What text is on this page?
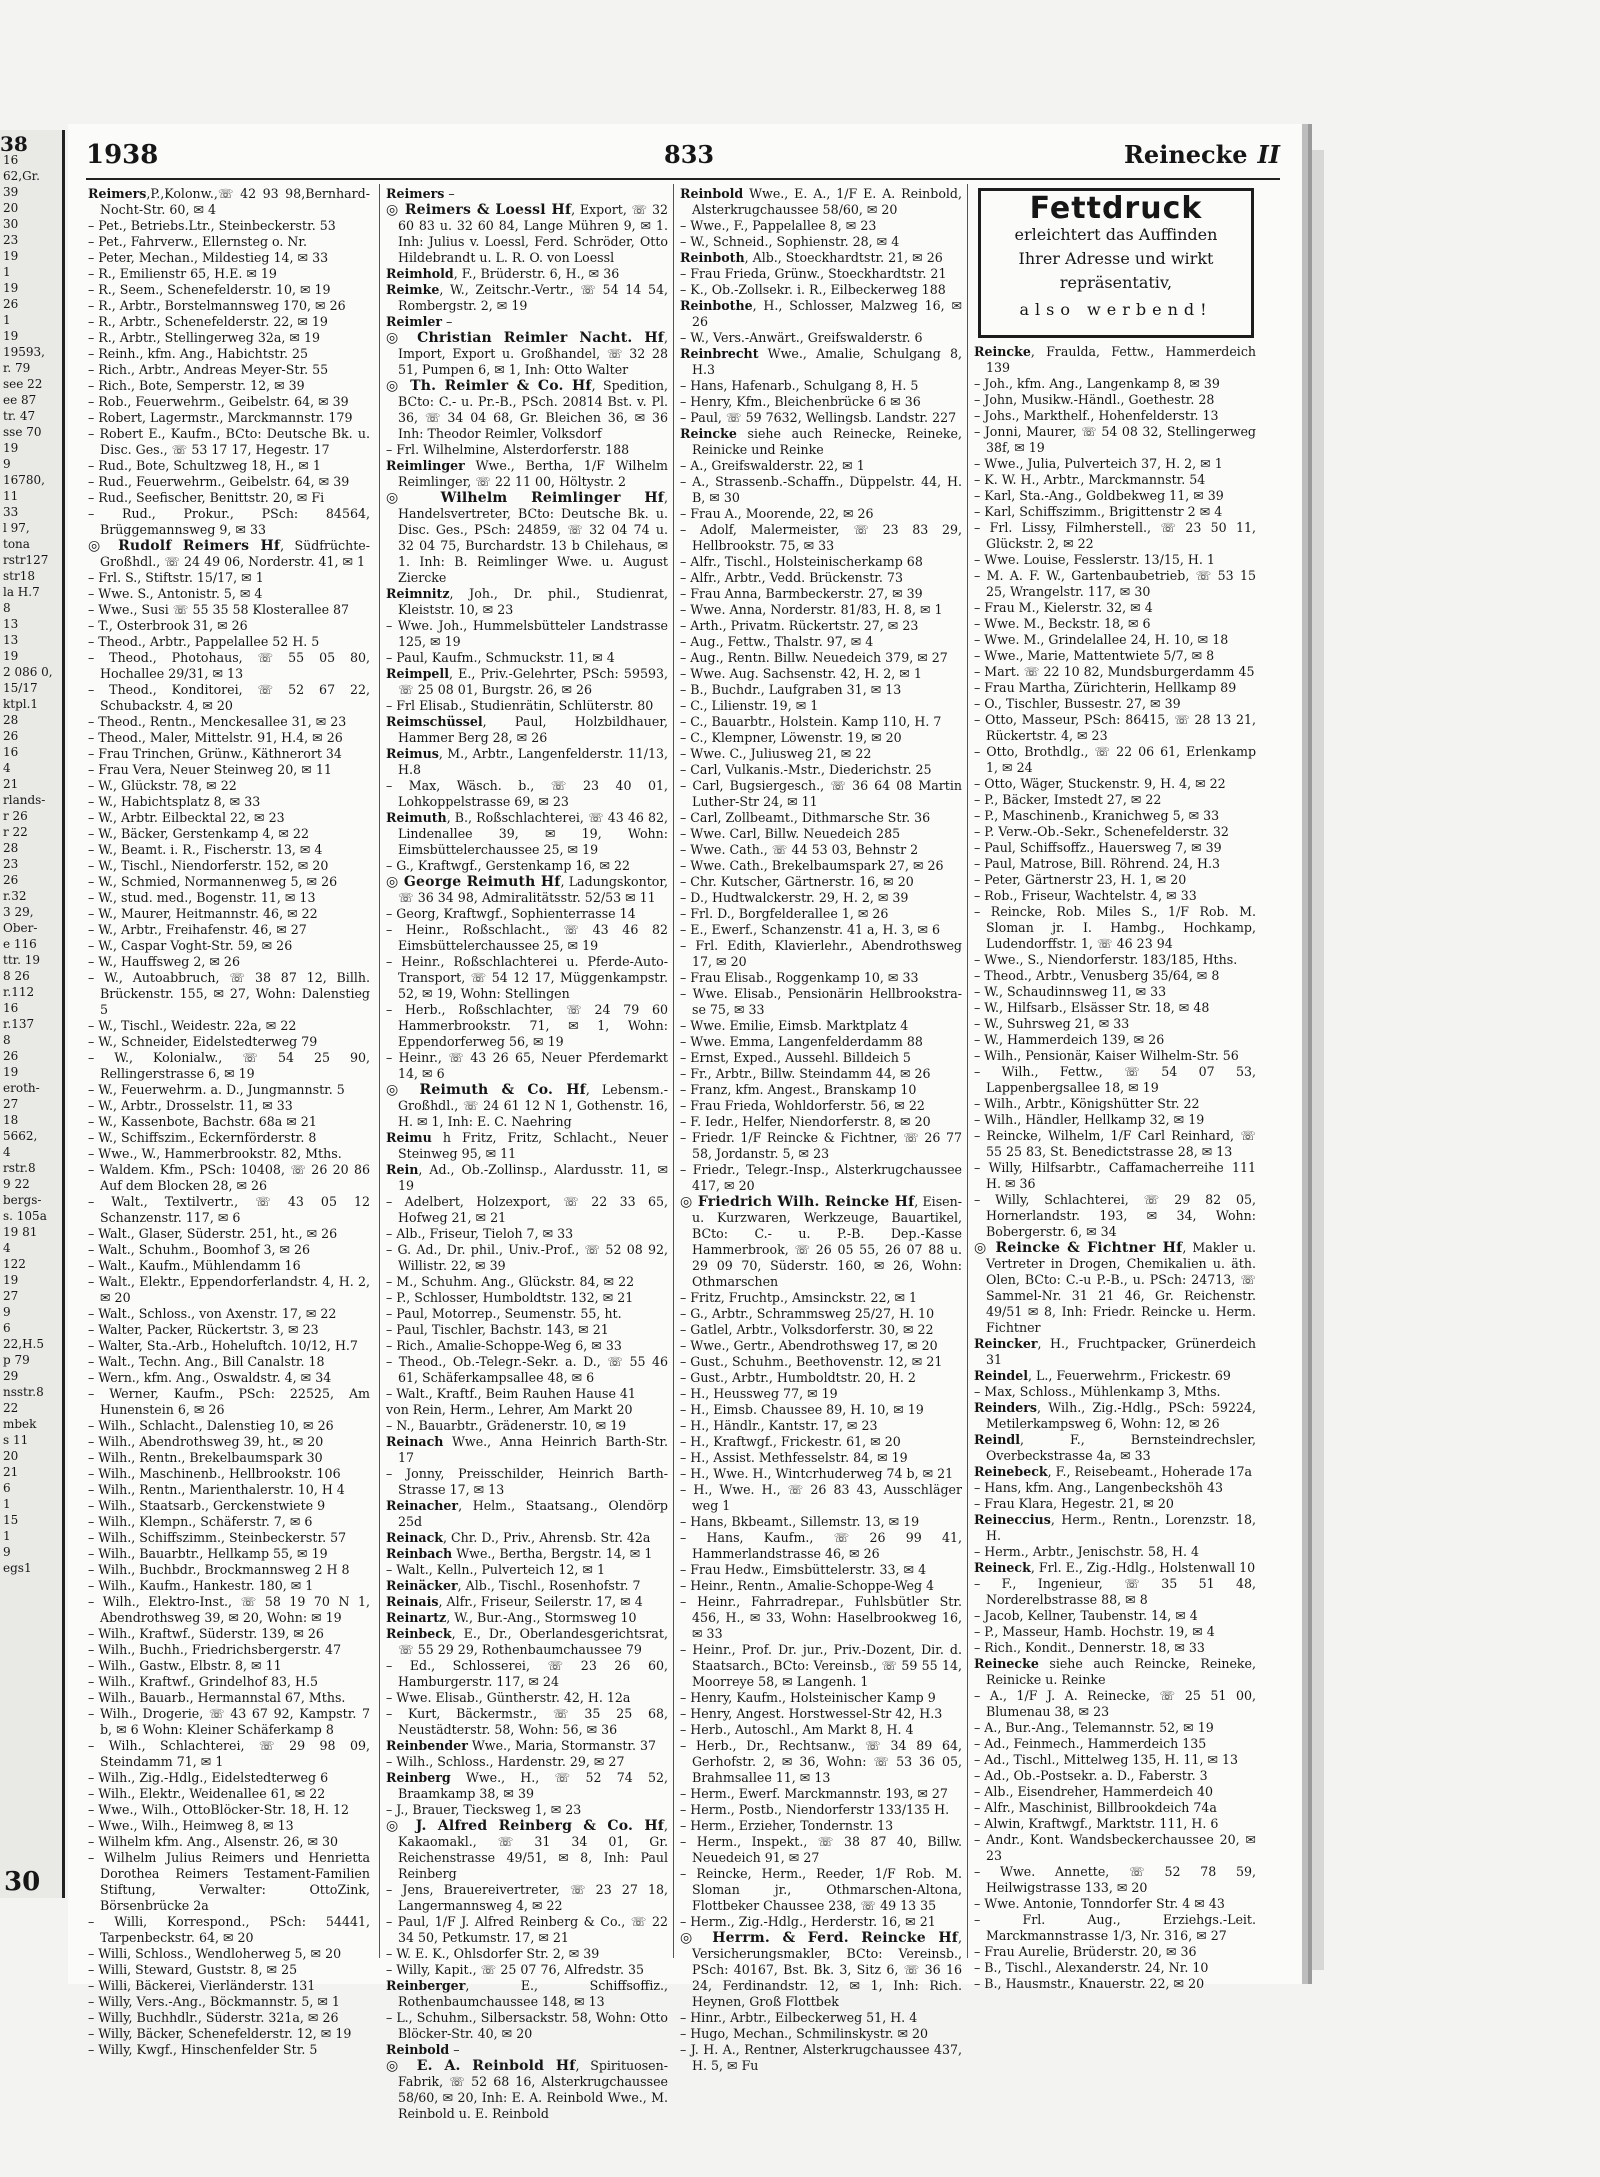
38
16
62,Gr.
39
20
30
23
19
1
19
26
1
19
19593,
r. 79
see 22
ee 87
tr. 47
sse 70
19
9
16780,
11
33
l 97,
tona
rstr127
str18
la H.7
8
13
13
19
2 086 0,
15/17
ktpl.1
28
26
16
4
21
rlands-
r 26
r 22
28
23
26
r.32
3 29,
Ober-
e 116
ttr. 19
8 26
r.112
16
r.137
8
26
19
eroth-
27
18
5662,
4
rstr.8
9 22
bergs-
s. 105a
19 81
4
122
19
27
9
6
22,H.5
p 79
29
nsstr.8
22
mbek
s 11
20
21
6
1
15
1
9
egs1
30
1938	833	Reinecke II
Reimers,P.,Kolonw.,☏ 42 93 98,Bernhard-Nocht-Str. 60, ✉ 4
– Pet., Betriebs.Ltr., Steinbeckerstr. 53
– Pet., Fahrverw., Ellernsteg o. Nr.
– Peter, Mechan., Mildestieg 14, ✉ 33
– R., Emilienstr 65, H.E. ✉ 19
– R., Seem., Schenefelderstr. 10, ✉ 19
– R., Arbtr., Borstelmannsweg 170, ✉ 26
– R., Arbtr., Schenefelderstr. 22, ✉ 19
– R., Arbtr., Stellingerweg 32a, ✉ 19
– Reinh., kfm. Ang., Habichtstr. 25
– Rich., Arbtr., Andreas Meyer-Str. 55
– Rich., Bote, Semperstr. 12, ✉ 39
– Rob., Feuerwehrm., Geibelstr. 64, ✉ 39
– Robert, Lagermstr., Marckmannstr. 179
– Robert E., Kaufm., BCto: Deutsche Bk. u. Disc. Ges., ☏ 53 17 17, Hegestr. 17
– Rud., Bote, Schultzweg 18, H., ✉ 1
– Rud., Feuerwehrm., Geibelstr. 64, ✉ 39
– Rud., Seefischer, Benittstr. 20, ✉ Fi
– Rud., Prokur., PSch: 84564, Brüggemannsweg 9, ✉ 33
◎ Rudolf Reimers Hf, Südfrüchte-Großhdl., ☏ 24 49 06, Norderstr. 41, ✉ 1
– Frl. S., Stiftstr. 15/17, ✉ 1
– Wwe. S., Antonistr. 5, ✉ 4
– Wwe., Susi ☏ 55 35 58 Klosterallee 87
– T., Osterbrook 31, ✉ 26
– Theod., Arbtr., Pappelallee 52 H. 5
– Theod., Photohaus, ☏ 55 05 80, Hochallee 29/31, ✉ 13
– Theod., Konditorei, ☏ 52 67 22, Schubackstr. 4, ✉ 20
– Theod., Rentn., Menckesallee 31, ✉ 23
– Theod., Maler, Mittelstr. 91, H.4, ✉ 26
– Frau Trinchen, Grünw., Käthnerort 34
– Frau Vera, Neuer Steinweg 20, ✉ 11
– W., Glückstr. 78, ✉ 22
– W., Habichtsplatz 8, ✉ 33
– W., Arbtr. Eilbecktal 22, ✉ 23
– W., Bäcker, Gerstenkamp 4, ✉ 22
– W., Beamt. i. R., Fischerstr. 13, ✉ 4
– W., Tischl., Niendorferstr. 152, ✉ 20
– W., Schmied, Normannenweg 5, ✉ 26
– W., stud. med., Bogenstr. 11, ✉ 13
– W., Maurer, Heitmannstr. 46, ✉ 22
– W., Arbtr., Freihafenstr. 46, ✉ 27
– W., Caspar Voght-Str. 59, ✉ 26
– W., Hauffsweg 2, ✉ 26
– W., Autoabbruch, ☏ 38 87 12, Billh. Brückenstr. 155, ✉ 27, Wohn: Dalenstieg 5
– W., Tischl., Weidestr. 22a, ✉ 22
– W., Schneider, Eidelstedterweg 79
– W., Kolonialw., ☏ 54 25 90, Rellingerstrasse 6, ✉ 19
– W., Feuerwehrm. a. D., Jungmannstr. 5
– W., Arbtr., Drosselstr. 11, ✉ 33
– W., Kassenbote, Bachstr. 68a ✉ 21
– W., Schiffszim., Eckernförderstr. 8
– Wwe., W., Hammerbrookstr. 82, Mths.
– Waldem. Kfm., PSch: 10408, ☏ 26 20 86 Auf dem Blocken 28, ✉ 26
– Walt., Textilvertr., ☏ 43 05 12 Schanzenstr. 117, ✉ 6
– Walt., Glaser, Süderstr. 251, ht., ✉ 26
– Walt., Schuhm., Boomhof 3, ✉ 26
– Walt., Kaufm., Mühlendamm 16
– Walt., Elektr., Eppendorferlandstr. 4, H. 2, ✉ 20
– Walt., Schloss., von Axenstr. 17, ✉ 22
– Walter, Packer, Rückertstr. 3, ✉ 23
– Walter, Sta.-Arb., Hoheluftch. 10/12, H.7
– Walt., Techn. Ang., Bill Canalstr. 18
– Wern., kfm. Ang., Oswaldstr. 4, ✉ 34
– Werner, Kaufm., PSch: 22525, Am Hunenstein 6, ✉ 26
– Wilh., Schlacht., Dalenstieg 10, ✉ 26
– Wilh., Abendrothsweg 39, ht., ✉ 20
– Wilh., Rentn., Brekelbaumspark 30
– Wilh., Maschinenb., Hellbrookstr. 106
– Wilh., Rentn., Marienthalerstr. 10, H 4
– Wilh., Staatsarb., Gerckenstwiete 9
– Wilh., Klempn., Schäferstr. 7, ✉ 6
– Wilh., Schiffszimm., Steinbeckerstr. 57
– Wilh., Bauarbtr., Hellkamp 55, ✉ 19
– Wilh., Buchbdr., Brockmannsweg 2 H 8
– Wilh., Kaufm., Hankestr. 180, ✉ 1
– Wilh., Elektro-Inst., ☏ 58 19 70 N 1, Abendrothsweg 39, ✉ 20, Wohn: ✉ 19
– Wilh., Kraftwf., Süderstr. 139, ✉ 26
– Wilh., Buchh., Friedrichsbergerstr. 47
– Wilh., Gastw., Elbstr. 8, ✉ 11
– Wilh., Kraftwf., Grindelhof 83, H.5
– Wilh., Bauarb., Hermannstal 67, Mths.
– Wilh., Drogerie, ☏ 43 67 92, Kampstr. 7 b, ✉ 6 Wohn: Kleiner Schäferkamp 8
– Wilh., Schlachterei, ☏ 29 98 09, Steindamm 71, ✉ 1
– Wilh., Zig.-Hdlg., Eidelstedterweg 6
– Wilh., Elektr., Weidenallee 61, ✉ 22
– Wwe., Wilh., OttoBlöcker-Str. 18, H. 12
– Wwe., Wilh., Heimweg 8, ✉ 13
– Wilhelm kfm. Ang., Alsenstr. 26, ✉ 30
– Wilhelm Julius Reimers und Henrietta Dorothea Reimers Testament-Familien Stiftung, Verwalter: OttoZink, Börsenbrücke 2a
– Willi, Korrespond., PSch: 54441, Tarpenbeckstr. 64, ✉ 20
– Willi, Schloss., Wendloherweg 5, ✉ 20
– Willi, Steward, Guststr. 8, ✉ 25
– Willi, Bäckerei, Vierländerstr. 131
– Willy, Vers.-Ang., Böckmannstr. 5, ✉ 1
– Willy, Buchhdlr., Süderstr. 321a, ✉ 26
– Willy, Bäcker, Schenefelderstr. 12, ✉ 19
– Willy, Kwgf., Hinschenfelder Str. 5
Reimers –
◎ Reimers & Loessl Hf, Export, ☏ 32 60 83 u. 32 60 84, Lange Mühren 9, ✉ 1. Inh: Julius v. Loessl, Ferd. Schröder, Otto Hildebrandt u. L. R. O. von Loessl
Reimhold, F., Brüderstr. 6, H., ✉ 36
Reimke, W., Zeitschr.-Vertr., ☏ 54 14 54, Rombergstr. 2, ✉ 19
Reimler –
◎ Christian Reimler Nacht. Hf, Import, Export u. Großhandel, ☏ 32 28 51, Pumpen 6, ✉ 1, Inh: Otto Walter
◎ Th. Reimler & Co. Hf, Spedition, BCto: C.- u. Pr.-B., PSch. 20814 Bst. v. Pl. 36, ☏ 34 04 68, Gr. Bleichen 36, ✉ 36 Inh: Theodor Reimler, Volksdorf
– Frl. Wilhelmine, Alsterdorferstr. 188
Reimlinger Wwe., Bertha, 1/F Wilhelm Reimlinger, ☏ 22 11 00, Höltystr. 2
◎ Wilhelm Reimlinger Hf, Handelsvertreter, BCto: Deutsche Bk. u. Disc. Ges., PSch: 24859, ☏ 32 04 74 u. 32 04 75, Burchardstr. 13 b Chilehaus, ✉ 1. Inh: B. Reimlinger Wwe. u. August Ziercke
Reimnitz, Joh., Dr. phil., Studienrat, Kleiststr. 10, ✉ 23
– Wwe. Joh., Hummelsbütteler Landstrasse 125, ✉ 19
– Paul, Kaufm., Schmuckstr. 11, ✉ 4
Reimpell, E., Priv.-Gelehrter, PSch: 59593, ☏ 25 08 01, Burgstr. 26, ✉ 26
– Frl Elisab., Studienrätin, Schlüterstr. 80
Reimschüssel, Paul, Holzbildhauer, Hammer Berg 28, ✉ 26
Reimus, M., Arbtr., Langenfelderstr. 11/13, H.8
– Max, Wäsch. b., ☏ 23 40 01, Lohkoppelstrasse 69, ✉ 23
Reimuth, B., Roßschlachterei, ☏ 43 46 82, Lindenallee 39, ✉ 19, Wohn: Eimsbüttelerchaussee 25, ✉ 19
– G., Kraftwgf., Gerstenkamp 16, ✉ 22
◎ George Reimuth Hf, Ladungskontor, ☏ 36 34 98, Admiralitätsstr. 52/53 ✉ 11
– Georg, Kraftwgf., Sophienterrasse 14
– Heinr., Roßschlacht., ☏ 43 46 82 Eimsbüttelerchaussee 25, ✉ 19
– Heinr., Roßschlachterei u. Pferde-Auto-Transport, ☏ 54 12 17, Müggenkampstr. 52, ✉ 19, Wohn: Stellingen
– Herb., Roßschlachter, ☏ 24 79 60 Hammerbrookstr. 71, ✉ 1, Wohn: Eppendorferweg 56, ✉ 19
– Heinr., ☏ 43 26 65, Neuer Pferdemarkt 14, ✉ 6
◎ Reimuth & Co. Hf, Lebensm.-Großhdl., ☏ 24 61 12 N 1, Gothenstr. 16, H. ✉ 1, Inh: E. C. Naehring
Reimu h Fritz, Fritz, Schlacht., Neuer Steinweg 95, ✉ 11
Rein, Ad., Ob.-Zollinsp., Alardusstr. 11, ✉ 19
– Adelbert, Holzexport, ☏ 22 33 65, Hofweg 21, ✉ 21
– Alb., Friseur, Tieloh 7, ✉ 33
– G. Ad., Dr. phil., Univ.-Prof., ☏ 52 08 92, Willistr. 22, ✉ 39
– M., Schuhm. Ang., Glückstr. 84, ✉ 22
– P., Schlosser, Humboldtstr. 132, ✉ 21
– Paul, Motorrep., Seumenstr. 55, ht.
– Paul, Tischler, Bachstr. 143, ✉ 21
– Rich., Amalie-Schoppe-Weg 6, ✉ 33
– Theod., Ob.-Telegr.-Sekr. a. D., ☏ 55 46 61, Schäferkampsallee 48, ✉ 6
– Walt., Kraftf., Beim Rauhen Hause 41
von Rein, Herm., Lehrer, Am Markt 20
– N., Bauarbtr., Grädenerstr. 10, ✉ 19
Reinach Wwe., Anna Heinrich Barth-Str. 17
– Jonny, Preisschilder, Heinrich Barth-Strasse 17, ✉ 13
Reinacher, Helm., Staatsang., Olendörp 25d
Reinack, Chr. D., Priv., Ahrensb. Str. 42a
Reinbach Wwe., Bertha, Bergstr. 14, ✉ 1
– Walt., Kelln., Pulverteich 12, ✉ 1
Reinäcker, Alb., Tischl., Rosenhofstr. 7
Reinais, Alfr., Friseur, Seilerstr. 17, ✉ 4
Reinartz, W., Bur.-Ang., Stormsweg 10
Reinbeck, E., Dr., Oberlandesgerichtsrat, ☏ 55 29 29, Rothenbaumchaussee 79
– Ed., Schlosserei, ☏ 23 26 60, Hamburgerstr. 117, ✉ 24
– Wwe. Elisab., Güntherstr. 42, H. 12a
– Kurt, Bäckermstr., ☏ 35 25 68, Neustädterstr. 58, Wohn: 56, ✉ 36
Reinbender Wwe., Maria, Stormanstr. 37
– Wilh., Schloss., Hardenstr. 29, ✉ 27
Reinberg Wwe., H., ☏ 52 74 52, Braamkamp 38, ✉ 39
– J., Brauer, Tiecksweg 1, ✉ 23
◎ J. Alfred Reinberg & Co. Hf, Kakaomakl., ☏ 31 34 01, Gr. Reichenstrasse 49/51, ✉ 8, Inh: Paul Reinberg
– Jens, Brauereivertreter, ☏ 23 27 18, Langermannsweg 4, ✉ 22
– Paul, 1/F J. Alfred Reinberg & Co., ☏ 22 34 50, Petkumstr. 17, ✉ 21
– W. E. K., Ohlsdorfer Str. 2, ✉ 39
– Willy, Kapit., ☏ 25 07 76, Alfredstr. 35
Reinberger, E., Schiffsoffiz., Rothenbaumchaussee 148, ✉ 13
– L., Schuhm., Silbersackstr. 58, Wohn: Otto Blöcker-Str. 40, ✉ 20
Reinbold –
◎ E. A. Reinbold Hf, Spirituosen-Fabrik, ☏ 52 68 16, Alsterkrugchaussee 58/60, ✉ 20, Inh: E. A. Reinbold Wwe., M. Reinbold u. E. Reinbold
Reinbold Wwe., E. A., 1/F E. A. Reinbold, Alsterkrugchaussee 58/60, ✉ 20
– Wwe., F., Pappelallee 8, ✉ 23
– W., Schneid., Sophienstr. 28, ✉ 4
Reinboth, Alb., Stoeckhardtstr. 21, ✉ 26
– Frau Frieda, Grünw., Stoeckhardtstr. 21
– K., Ob.-Zollsekr. i. R., Eilbeckerweg 188
Reinbothe, H., Schlosser, Malzweg 16, ✉ 26
– W., Vers.-Anwärt., Greifswalderstr. 6
Reinbrecht Wwe., Amalie, Schulgang 8, H.3
– Hans, Hafenarb., Schulgang 8, H. 5
– Henry, Kfm., Bleichenbrücke 6 ✉ 36
– Paul, ☏ 59 7632, Wellingsb. Landstr. 227
Reincke siehe auch Reinecke, Reineke, Reinicke und Reinke
– A., Greifswalderstr. 22, ✉ 1
– A., Strassenb.-Schaffn., Düppelstr. 44, H. B, ✉ 30
– Frau A., Moorende, 22, ✉ 26
– Adolf, Malermeister, ☏ 23 83 29, Hellbrookstr. 75, ✉ 33
– Alfr., Tischl., Holsteinischerkamp 68
– Alfr., Arbtr., Vedd. Brückenstr. 73
– Frau Anna, Barmbeckerstr. 27, ✉ 39
– Wwe. Anna, Norderstr. 81/83, H. 8, ✉ 1
– Arth., Privatm. Rückertstr. 27, ✉ 23
– Aug., Fettw., Thalstr. 97, ✉ 4
– Aug., Rentn. Billw. Neuedeich 379, ✉ 27
– Wwe. Aug. Sachsenstr. 42, H. 2, ✉ 1
– B., Buchdr., Laufgraben 31, ✉ 13
– C., Lilienstr. 19, ✉ 1
– C., Bauarbtr., Holstein. Kamp 110, H. 7
– C., Klempner, Löwenstr. 19, ✉ 20
– Wwe. C., Juliusweg 21, ✉ 22
– Carl, Vulkanis.-Mstr., Diederichstr. 25
– Carl, Bugsiergesch., ☏ 36 64 08 Martin Luther-Str 24, ✉ 11
– Carl, Zollbeamt., Dithmarsche Str. 36
– Wwe. Carl, Billw. Neuedeich 285
– Wwe. Cath., ☏ 44 53 03, Behnstr 2
– Wwe. Cath., Brekelbaumspark 27, ✉ 26
– Chr. Kutscher, Gärtnerstr. 16, ✉ 20
– D., Hudtwalckerstr. 29, H. 2, ✉ 39
– Frl. D., Borgfelderallee 1, ✉ 26
– E., Ewerf., Schanzenstr. 41 a, H. 3, ✉ 6
– Frl. Edith, Klavierlehr., Abendrothsweg 17, ✉ 20
– Frau Elisab., Roggenkamp 10, ✉ 33
– Wwe. Elisab., Pensionärin Hellbrookstra-se 75, ✉ 33
– Wwe. Emilie, Eimsb. Marktplatz 4
– Wwe. Emma, Langenfelderdamm 88
– Ernst, Exped., Aussehl. Billdeich 5
– Fr., Arbtr., Billw. Steindamm 44, ✉ 26
– Franz, kfm. Angest., Branskamp 10
– Frau Frieda, Wohldorferstr. 56, ✉ 22
– F. Iedr., Helfer, Niendorferstr. 8, ✉ 20
– Friedr. 1/F Reincke & Fichtner, ☏ 26 77 58, Jordanstr. 5, ✉ 23
– Friedr., Telegr.-Insp., Alsterkrugchaussee 417, ✉ 20
◎ Friedrich Wilh. Reincke Hf, Eisen- u. Kurzwaren, Werkzeuge, Bauartikel, BCto: C.- u. P.-B. Dep.-Kasse Hammerbrook, ☏ 26 05 55, 26 07 88 u. 29 09 70, Süderstr. 160, ✉ 26, Wohn: Othmarschen
– Fritz, Fruchtp., Amsinckstr. 22, ✉ 1
– G., Arbtr., Schrammsweg 25/27, H. 10
– Gatlel, Arbtr., Volksdorferstr. 30, ✉ 22
– Wwe., Gertr., Abendrothsweg 17, ✉ 20
– Gust., Schuhm., Beethovenstr. 12, ✉ 21
– Gust., Arbtr., Humboldtstr. 20, H. 2
– H., Heussweg 77, ✉ 19
– H., Eimsb. Chaussee 89, H. 10, ✉ 19
– H., Händlr., Kantstr. 17, ✉ 23
– H., Kraftwgf., Frickestr. 61, ✉ 20
– H., Assist. Methfesselstr. 84, ✉ 19
– H., Wwe. H., Wintcrhuderweg 74 b, ✉ 21
– H., Wwe. H., ☏ 26 83 43, Ausschläger weg 1
– Hans, Bkbeamt., Sillemstr. 13, ✉ 19
– Hans, Kaufm., ☏ 26 99 41, Hammerlandstrasse 46, ✉ 26
– Frau Hedw., Eimsbüttelerstr. 33, ✉ 4
– Heinr., Rentn., Amalie-Schoppe-Weg 4
– Heinr., Fahrradrepar., Fuhlsbütler Str. 456, H., ✉ 33, Wohn: Haselbrookweg 16, ✉ 33
– Heinr., Prof. Dr. jur., Priv.-Dozent, Dir. d. Staatsarch., BCto: Vereinsb., ☏ 59 55 14, Moorreye 58, ✉ Langenh. 1
– Henry, Kaufm., Holsteinischer Kamp 9
– Henry, Angest. Horstwessel-Str 42, H.3
– Herb., Autoschl., Am Markt 8, H. 4
– Herb., Dr., Rechtsanw., ☏ 34 89 64, Gerhofstr. 2, ✉ 36, Wohn: ☏ 53 36 05, Brahmsallee 11, ✉ 13
– Herm., Ewerf. Marckmannstr. 193, ✉ 27
– Herm., Postb., Niendorferstr 133/135 H.
– Herm., Erzieher, Tondernstr. 13
– Herm., Inspekt., ☏ 38 87 40, Billw. Neuedeich 91, ✉ 27
– Reincke, Herm., Reeder, 1/F Rob. M. Sloman jr., Othmarschen-Altona, Flottbeker Chaussee 238, ☏ 49 13 35
– Herm., Zig.-Hdlg., Herderstr. 16, ✉ 21
◎ Herrm. & Ferd. Reincke Hf, Versicherungsmakler, BCto: Vereinsb., PSch: 40167, Bst. Bk. 3, Sitz 6, ☏ 36 16 24, Ferdinandstr. 12, ✉ 1, Inh: Rich. Heynen, Groß Flottbek
– Hinr., Arbtr., Eilbeckerweg 51, H. 4
– Hugo, Mechan., Schmilinskystr. ✉ 20
– J. H. A., Rentner, Alsterkrugchaussee 437, H. 5, ✉ Fu
Fettdruck
erleichtert das Auffinden
Ihrer Adresse und wirkt
repräsentativ,
also werbend!
Reincke, Fraulda, Fettw., Hammerdeich 139
– Joh., kfm. Ang., Langenkamp 8, ✉ 39
– John, Musikw.-Händl., Goethestr. 28
– Johs., Markthelf., Hohenfelderstr. 13
– Jonni, Maurer, ☏ 54 08 32, Stellingerweg 38f, ✉ 19
– Wwe., Julia, Pulverteich 37, H. 2, ✉ 1
– K. W. H., Arbtr., Marckmannstr. 54
– Karl, Sta.-Ang., Goldbekweg 11, ✉ 39
– Karl, Schiffszimm., Brigittenstr 2 ✉ 4
– Frl. Lissy, Filmherstell., ☏ 23 50 11, Glückstr. 2, ✉ 22
– Wwe. Louise, Fesslerstr. 13/15, H. 1
– M. A. F. W., Gartenbaubetrieb, ☏ 53 15 25, Wrangelstr. 117, ✉ 30
– Frau M., Kielerstr. 32, ✉ 4
– Wwe. M., Beckstr. 18, ✉ 6
– Wwe. M., Grindelallee 24, H. 10, ✉ 18
– Wwe., Marie, Mattentwiete 5/7, ✉ 8
– Mart. ☏ 22 10 82, Mundsburgerdamm 45
– Frau Martha, Zürichterin, Hellkamp 89
– O., Tischler, Bussestr. 27, ✉ 39
– Otto, Masseur, PSch: 86415, ☏ 28 13 21, Rückertstr. 4, ✉ 23
– Otto, Brothdlg., ☏ 22 06 61, Erlenkamp 1, ✉ 24
– Otto, Wäger, Stuckenstr. 9, H. 4, ✉ 22
– P., Bäcker, Imstedt 27, ✉ 22
– P., Maschinenb., Kranichweg 5, ✉ 33
– P. Verw.-Ob.-Sekr., Schenefelderstr. 32
– Paul, Schiffsoffz., Hauersweg 7, ✉ 39
– Paul, Matrose, Bill. Röhrend. 24, H.3
– Peter, Gärtnerstr 23, H. 1, ✉ 20
– Rob., Friseur, Wachtelstr. 4, ✉ 33
– Reincke, Rob. Miles S., 1/F Rob. M. Sloman jr. I. Hambg., Hochkamp, Ludendorffstr. 1, ☏ 46 23 94
– Wwe., S., Niendorferstr. 183/185, Hths.
– Theod., Arbtr., Venusberg 35/64, ✉ 8
– W., Schaudinnsweg 11, ✉ 33
– W., Hilfsarb., Elsässer Str. 18, ✉ 48
– W., Suhrsweg 21, ✉ 33
– W., Hammerdeich 139, ✉ 26
– Wilh., Pensionär, Kaiser Wilhelm-Str. 56
– Wilh., Fettw., ☏ 54 07 53, Lappenbergsallee 18, ✉ 19
– Wilh., Arbtr., Königshütter Str. 22
– Wilh., Händler, Hellkamp 32, ✉ 19
– Reincke, Wilhelm, 1/F Carl Reinhard, ☏ 55 25 83, St. Benedictstrasse 28, ✉ 13
– Willy, Hilfsarbtr., Caffamacherreihe 111 H. ✉ 36
– Willy, Schlachterei, ☏ 29 82 05, Hornerlandstr. 193, ✉ 34, Wohn: Bobergerstr. 6, ✉ 34
◎ Reincke & Fichtner Hf, Makler u. Vertreter in Drogen, Chemikalien u. äth. Olen, BCto: C.-u P.-B., u. PSch: 24713, ☏ Sammel-Nr. 31 21 46, Gr. Reichenstr. 49/51 ✉ 8, Inh: Friedr. Reincke u. Herm. Fichtner
Reincker, H., Fruchtpacker, Grünerdeich 31
Reindel, L., Feuerwehrm., Frickestr. 69
– Max, Schloss., Mühlenkamp 3, Mths.
Reinders, Wilh., Zig.-Hdlg., PSch: 59224, Metilerkampsweg 6, Wohn: 12, ✉ 26
Reindl, F., Bernsteindrechsler, Overbeckstrasse 4a, ✉ 33
Reinebeck, F., Reisebeamt., Hoherade 17a
– Hans, kfm. Ang., Langenbeckshöh 43
– Frau Klara, Hegestr. 21, ✉ 20
Reineccius, Herm., Rentn., Lorenzstr. 18, H.
– Herm., Arbtr., Jenischstr. 58, H. 4
Reineck, Frl. E., Zig.-Hdlg., Holstenwall 10
– F., Ingenieur, ☏ 35 51 48, Norderelbstrasse 88, ✉ 8
– Jacob, Kellner, Taubenstr. 14, ✉ 4
– P., Masseur, Hamb. Hochstr. 19, ✉ 4
– Rich., Kondit., Dennerstr. 18, ✉ 33
Reinecke siehe auch Reincke, Reineke, Reinicke u. Reinke
– A., 1/F J. A. Reinecke, ☏ 25 51 00, Blumenau 38, ✉ 23
– A., Bur.-Ang., Telemannstr. 52, ✉ 19
– Ad., Feinmech., Hammerdeich 135
– Ad., Tischl., Mittelweg 135, H. 11, ✉ 13
– Ad., Ob.-Postsekr. a. D., Faberstr. 3
– Alb., Eisendreher, Hammerdeich 40
– Alfr., Maschinist, Billbrookdeich 74a
– Alwin, Kraftwgf., Marktstr. 111, H. 6
– Andr., Kont. Wandsbeckerchaussee 20, ✉ 23
– Wwe. Annette, ☏ 52 78 59, Heilwigstrasse 133, ✉ 20
– Wwe. Antonie, Tonndorfer Str. 4 ✉ 43
– Frl. Aug., Erziehgs.-Leit. Marckmannstrasse 1/3, Nr. 316, ✉ 27
– Frau Aurelie, Brüderstr. 20, ✉ 36
– B., Tischl., Alexanderstr. 24, Nr. 10
– B., Hausmstr., Knauerstr. 22, ✉ 20
